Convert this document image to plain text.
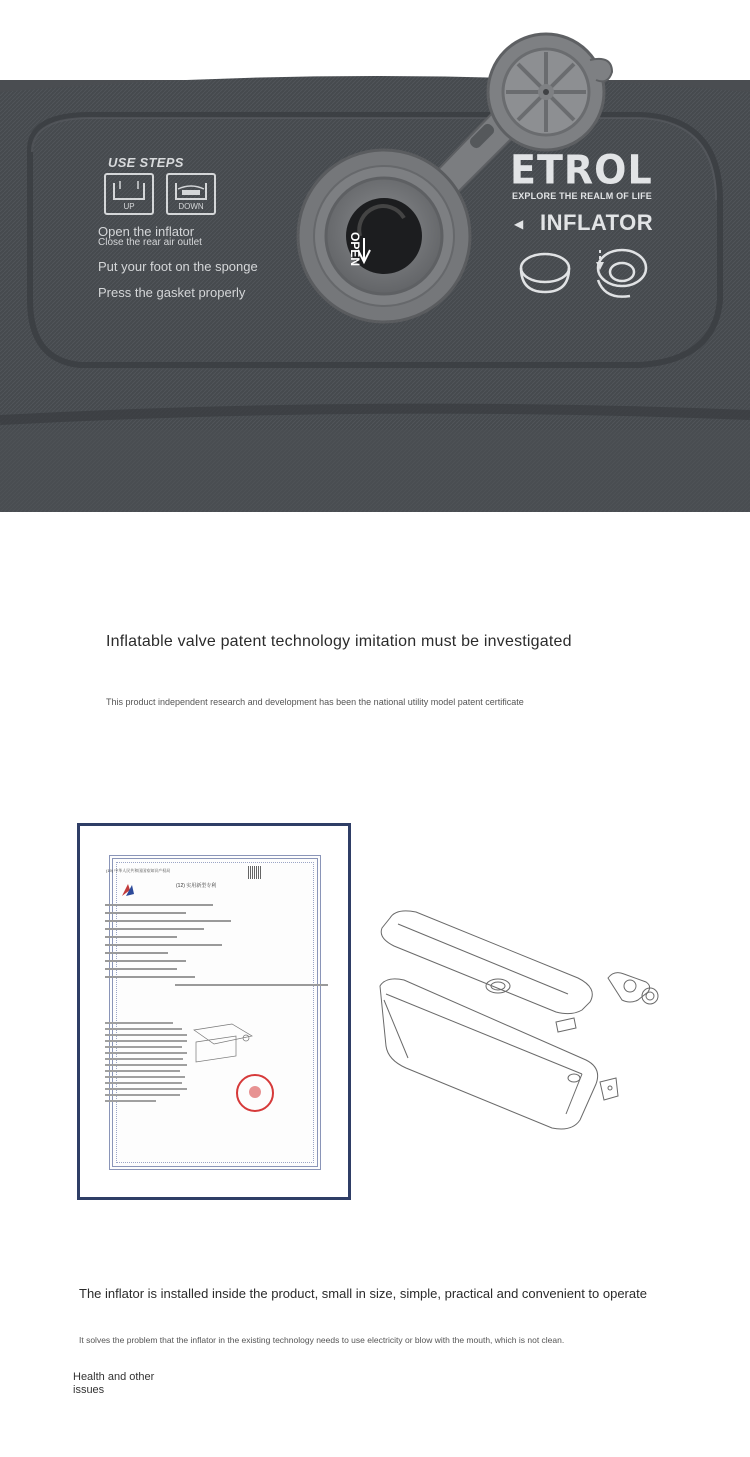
USE STEPS
UP	DOWN
Open the inflator
Close the rear air outlet
Put your foot on the sponge
Press the gasket properly
OPEN
ETROL
EXPLORE THE REALM OF LIFE
◀ INFLATOR
Inflatable valve patent technology imitation must be investigated
This product independent research and development has been the national utility model patent certificate
(19) 中华人民共和国国家知识产权局
(12) 实用新型专利
The inflator is installed inside the product, small in size, simple, practical and convenient to operate
It solves the problem that the inflator in the existing technology needs to use electricity or blow with the mouth, which is not clean.
Health and other issues
